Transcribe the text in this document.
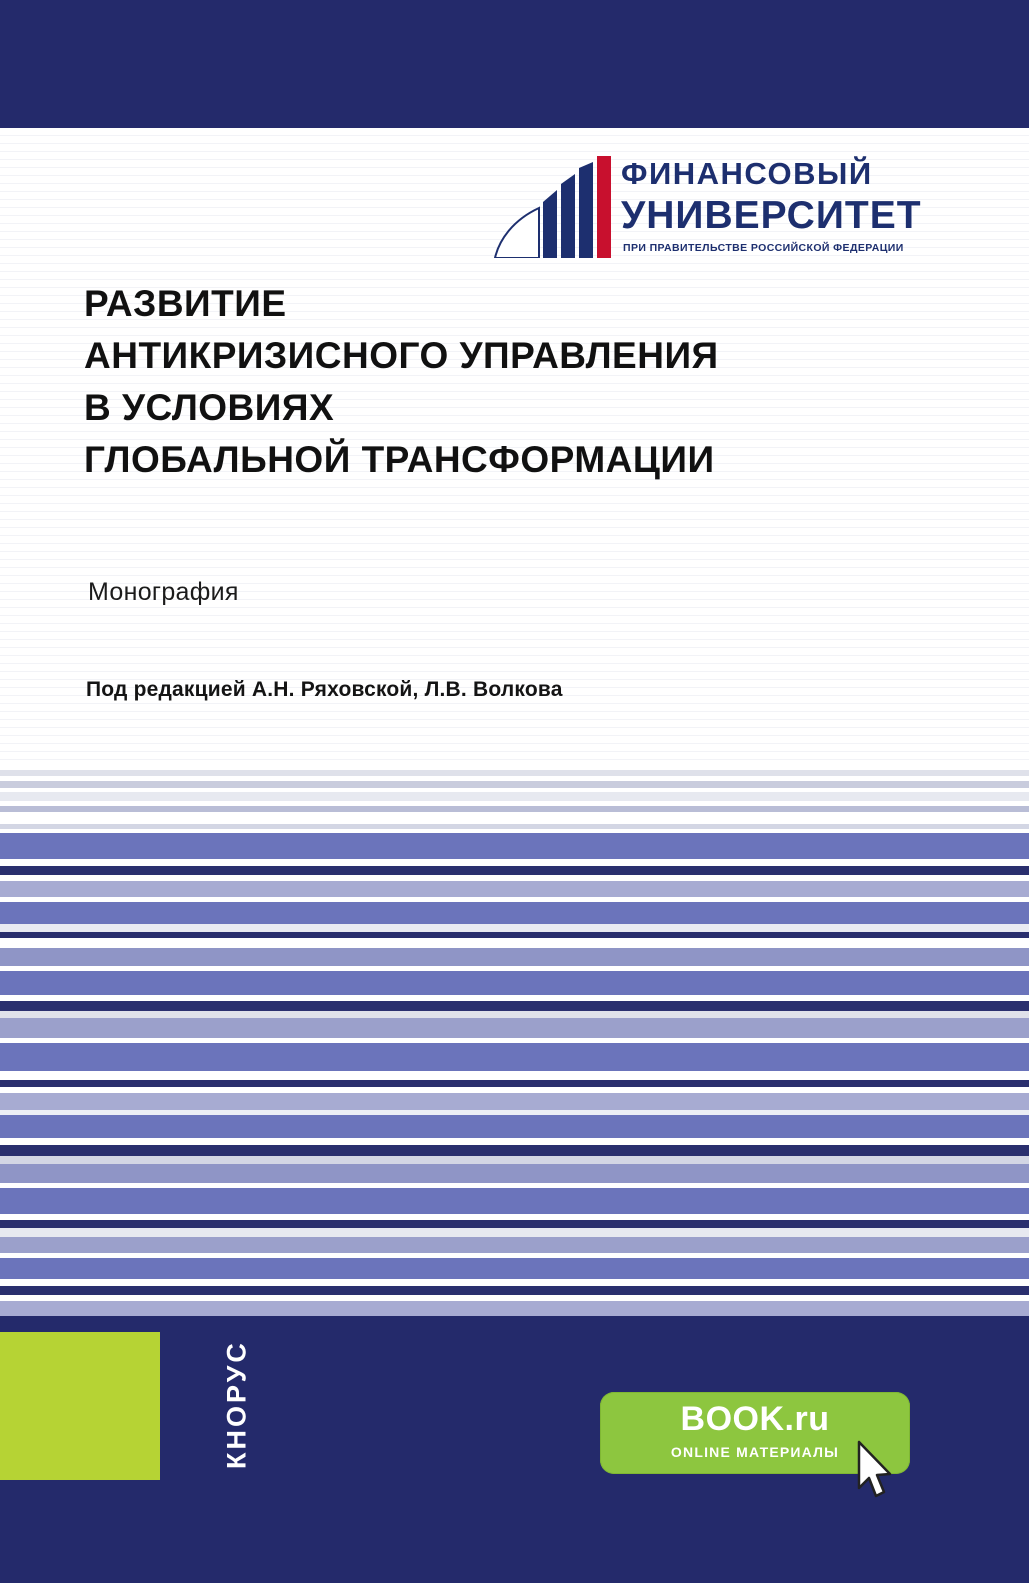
ФИНАНСОВЫЙ
УНИВЕРСИТЕТ
ПРИ ПРАВИТЕЛЬСТВЕ РОССИЙСКОЙ ФЕДЕРАЦИИ
РАЗВИТИЕ
АНТИКРИЗИСНОГО УПРАВЛЕНИЯ
В УСЛОВИЯХ
ГЛОБАЛЬНОЙ ТРАНСФОРМАЦИИ
Монография
Под редакцией А.Н. Ряховской, Л.В. Волкова
КНОРУС	BOOK.ru
ONLINE МАТЕРИАЛЫ
